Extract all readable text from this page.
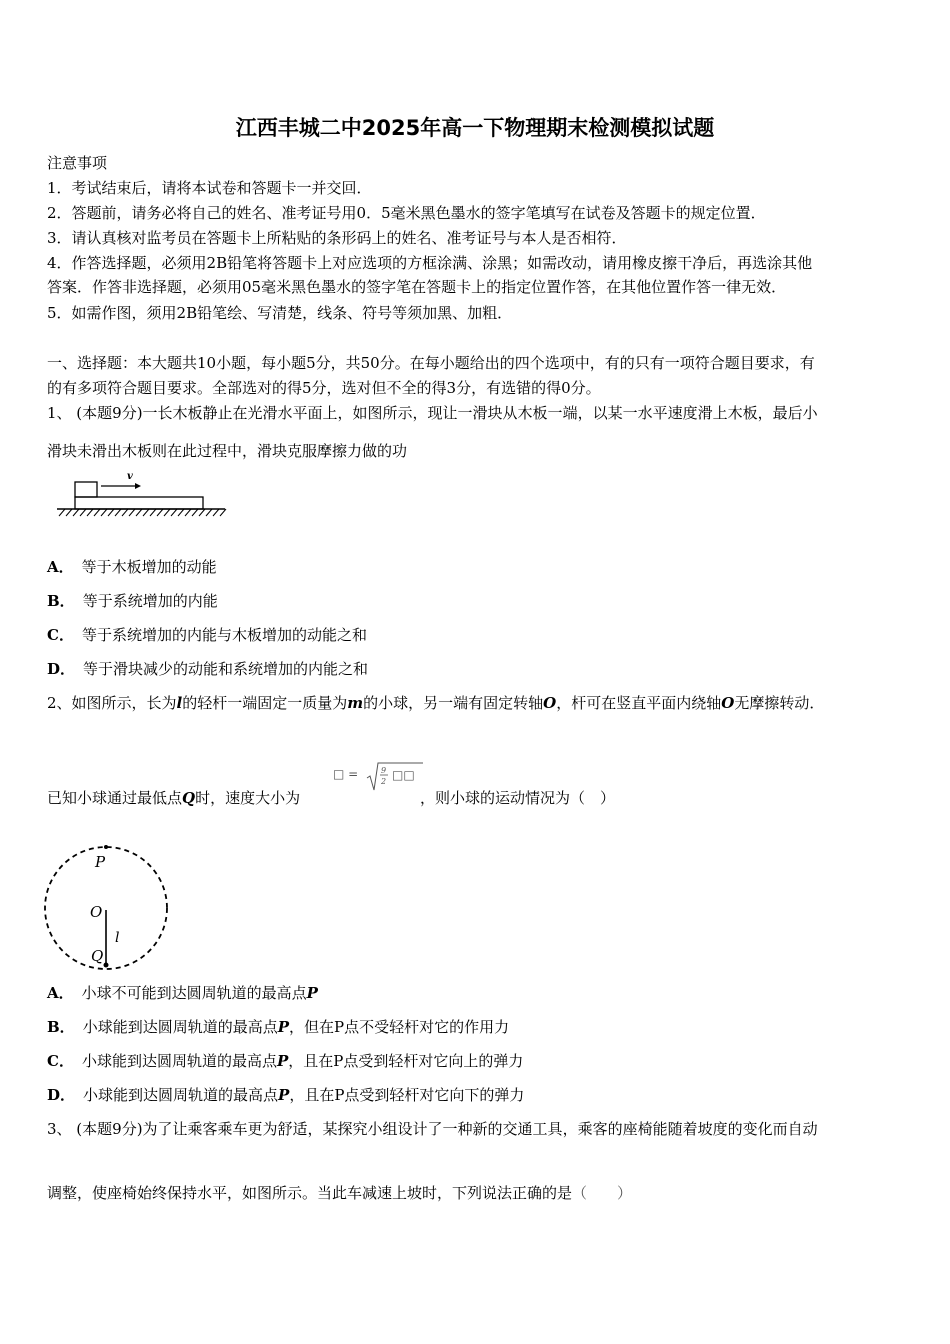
江西丰城二中2025年高一下物理期末检测模拟试题
注意事项
1．考试结束后，请将本试卷和答题卡一并交回．
2．答题前，请务必将自己的姓名、准考证号用0．5毫米黑色墨水的签字笔填写在试卷及答题卡的规定位置．
3．请认真核对监考员在答题卡上所粘贴的条形码上的姓名、准考证号与本人是否相符．
4．作答选择题，必须用2B铅笔将答题卡上对应选项的方框涂满、涂黑；如需改动，请用橡皮擦干净后，再选涂其他
答案．作答非选择题，必须用05毫米黑色墨水的签字笔在答题卡上的指定位置作答，在其他位置作答一律无效．
5．如需作图，须用2B铅笔绘、写清楚，线条、符号等须加黑、加粗．
一、选择题：本大题共10小题，每小题5分，共50分。在每小题给出的四个选项中，有的只有一项符合题目要求，有
的有多项符合题目要求。全部选对的得5分，选对但不全的得3分，有选错的得0分。
1、 (本题9分)一长木板静止在光滑水平面上，如图所示，现让一滑块从木板一端，以某一水平速度滑上木板，最后小
滑块未滑出木板则在此过程中，滑块克服摩擦力做的功
v
A． 等于木板增加的动能
B． 等于系统增加的内能
C． 等于系统增加的内能与木板增加的动能之和
D． 等于滑块减少的动能和系统增加的内能之和
2、如图所示，长为l的轻杆一端固定一质量为m的小球，另一端有固定转轴O，杆可在竖直平面内绕轴O无摩擦转动．
已知小球通过最低点Q时，速度大小为
□ =	9
2 □□
，则小球的运动情况为（　）
P
O
Q
l
A． 小球不可能到达圆周轨道的最高点P
B． 小球能到达圆周轨道的最高点P，但在P点不受轻杆对它的作用力
C． 小球能到达圆周轨道的最高点P，且在P点受到轻杆对它向上的弹力
D． 小球能到达圆周轨道的最高点P，且在P点受到轻杆对它向下的弹力
3、 (本题9分)为了让乘客乘车更为舒适，某探究小组设计了一种新的交通工具，乘客的座椅能随着坡度的变化而自动
调整，使座椅始终保持水平，如图所示。当此车减速上坡时，下列说法正确的是（　　）
